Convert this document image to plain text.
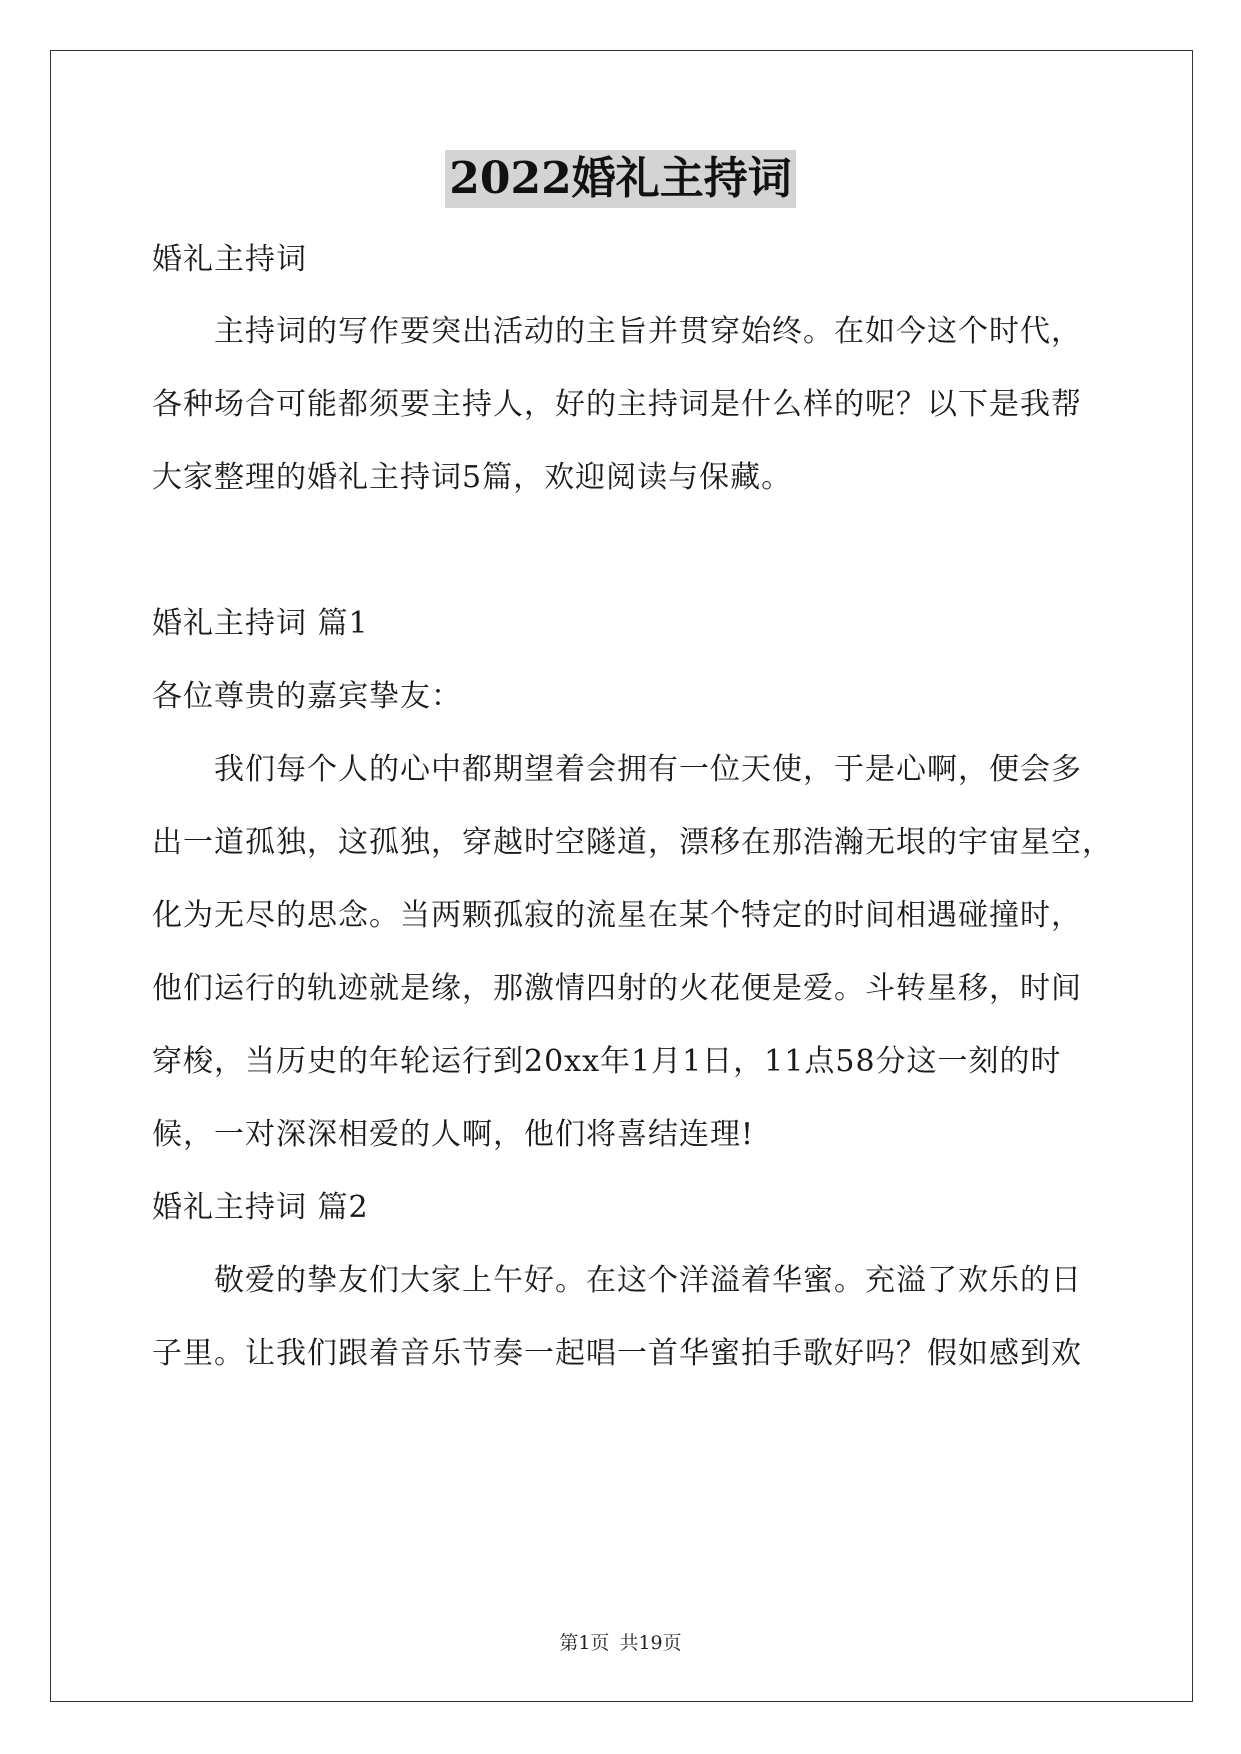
2022婚礼主持词
婚礼主持词
主持词的写作要突出活动的主旨并贯穿始终。在如今这个时代，
各种场合可能都须要主持人，好的主持词是什么样的呢？以下是我帮
大家整理的婚礼主持词5篇，欢迎阅读与保藏。
婚礼主持词 篇1
各位尊贵的嘉宾挚友：
我们每个人的心中都期望着会拥有一位天使，于是心啊，便会多
出一道孤独，这孤独，穿越时空隧道，漂移在那浩瀚无垠的宇宙星空，
化为无尽的思念。当两颗孤寂的流星在某个特定的时间相遇碰撞时，
他们运行的轨迹就是缘，那激情四射的火花便是爱。斗转星移，时间
穿梭，当历史的年轮运行到20xx年1月1日，11点58分这一刻的时
候，一对深深相爱的人啊，他们将喜结连理!
婚礼主持词 篇2
敬爱的挚友们大家上午好。在这个洋溢着华蜜。充溢了欢乐的日
子里。让我们跟着音乐节奏一起唱一首华蜜拍手歌好吗？假如感到欢
第1页 共19页
